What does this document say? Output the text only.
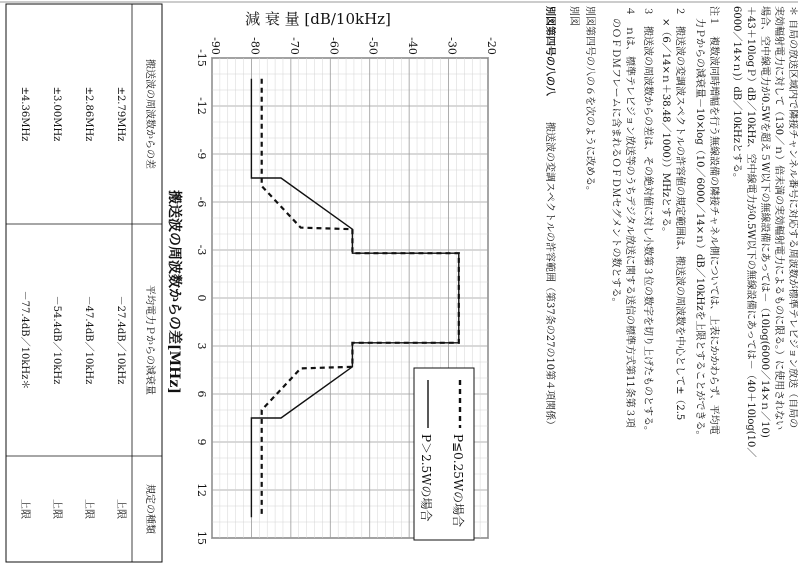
＊ 自局の放送区域内で隣接チャンネル番号に対応する周波数が標準テレビジョン放送（自局の
実効輻射電力に対して（130／ｎ）倍未満の実効輻射電力によるものに限る。）に使用されない
場合、空中線電力が0.5Wを超え５W以下の無線設備にあっては－（10log(6000／14×ｎ／10)
＋43＋10logＰ）dB／10kHz、空中線電力が0.5W以下の無線設備にあっては－（40＋10log(10／
6000／14×ｎ)）dB／10kHzとする。
注１　複数波同時増幅を行う無線設備の隣接チャネル側については、上表にかかわらず、平均電
力Ｐからの減衰量－10×log（10／6000／14×ｎ）dB／10kHzを上限とすることができる。
２　搬送波の変調波スペクトルの許容値の規定範囲は、搬送波の周波数を中心として±（2.5
×（6／14×ｎ＋38.48／1000））MHzとする。
３　搬送波の周波数からの差は、その絶対値に対し小数第３位の数字を切り上げたものとする。
４　ｎは、標準テレビジョン放送等のうちデジタル放送に関する送信の標準方式第11条第３項
のＯＦＤＭフレームに含まれるＯＦＤＭセグメントの数とする。
別図第四号の八の６を次のように改める。
別図
別図第四号の八の八
搬送波の変調スペクトルの許容範囲（第37条の27の10第４項関係）
-15
-12
-9
-6
-3
0
3
6
9
12
15
-20
-30
-40
-50
-60
-70
-80
-90
減 衰 量 [dB/10kHz]
搬送波の周波数からの差[MHz]
P≦0.25Wの場合
P＞2.5Wの場合
搬送波の周波数からの差
平均電力Ｐからの減衰量
規定の種類
±2.79MHz
－27.4dB／10kHz
上限
±2.86MHz
－47.4dB／10kHz
上限
±3.00MHz
－54.4dB／10kHz
上限
±4.36MHz
－77.4dB／10kHz＊
上限
